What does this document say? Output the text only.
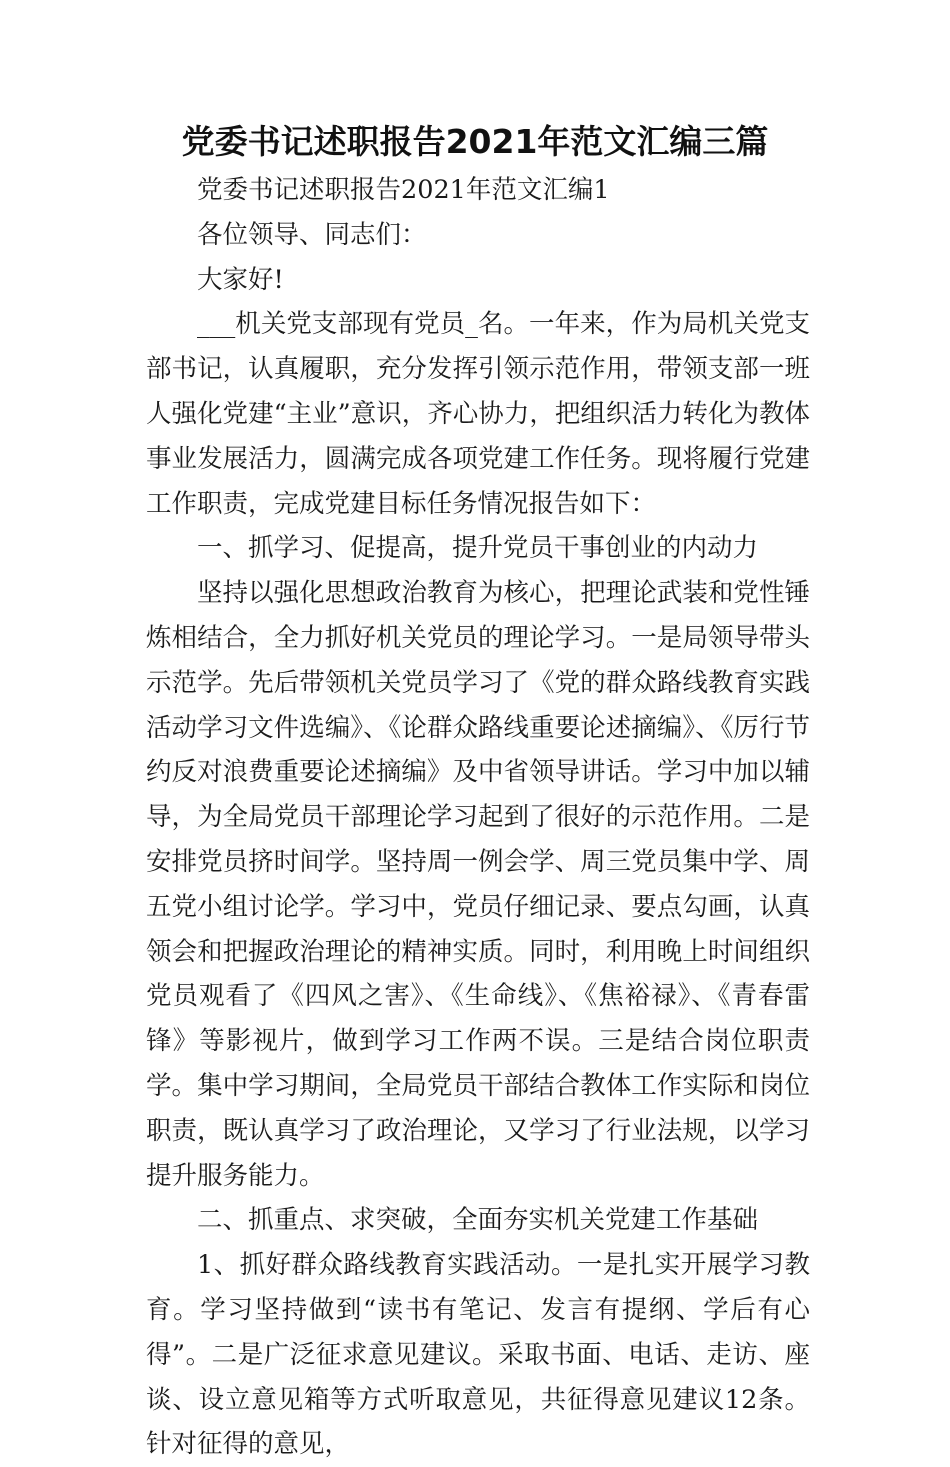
党委书记述职报告2021年范文汇编三篇

党委书记述职报告2021年范文汇编1

各位领导、同志们：

大家好!

___机关党支部现有党员_名。一年来，作为局机关党支部书记，认真履职，充分发挥引领示范作用，带领支部一班人强化党建“主业”意识，齐心协力，把组织活力转化为教体事业发展活力，圆满完成各项党建工作任务。现将履行党建工作职责，完成党建目标任务情况报告如下：

一、抓学习、促提高，提升党员干事创业的内动力

坚持以强化思想政治教育为核心，把理论武装和党性锤炼相结合，全力抓好机关党员的理论学习。一是局领导带头示范学。先后带领机关党员学习了《党的群众路线教育实践活动学习文件选编》、《论群众路线重要论述摘编》、《厉行节约反对浪费重要论述摘编》及中省领导讲话。学习中加以辅导，为全局党员干部理论学习起到了很好的示范作用。二是安排党员挤时间学。坚持周一例会学、周三党员集中学、周五党小组讨论学。学习中，党员仔细记录、要点勾画，认真领会和把握政治理论的精神实质。同时，利用晚上时间组织党员观看了《四风之害》、《生命线》、《焦裕禄》、《青春雷锋》等影视片，做到学习工作两不误。三是结合岗位职责学。集中学习期间，全局党员干部结合教体工作实际和岗位职责，既认真学习了政治理论，又学习了行业法规，以学习提升服务能力。

二、抓重点、求突破，全面夯实机关党建工作基础

1、抓好群众路线教育实践活动。一是扎实开展学习教育。学习坚持做到“读书有笔记、发言有提纲、学后有心得”。二是广泛征求意见建议。采取书面、电话、走访、座谈、设立意见箱等方式听取意见，共征得意见建议12条。针对征得的意见，
